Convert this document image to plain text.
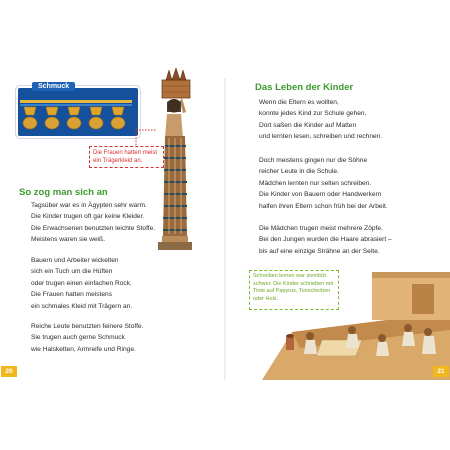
Schmuck
Die Frauen hatten meist ein Trägerkleid an.
So zog man sich an
Tagsüber war es in Ägypten sehr warm.
Die Kinder trugen oft gar keine Kleider.
Die Erwachsenen benutzten leichte Stoffe.
Meistens waren sie weiß.
Bauern und Arbeiter wickelten
sich ein Tuch um die Hüften
oder trugen einen einfachen Rock.
Die Frauen hatten meistens
ein schmales Kleid mit Trägern an.
Reiche Leute benutzten feinere Stoffe.
Sie trugen auch gerne Schmuck
wie Halsketten, Armreife und Ringe.
Das Leben der Kinder
Wenn die Eltern es wollten,
konnte jedes Kind zur Schule gehen.
Dort saßen die Kinder auf Matten
und lernten lesen, schreiben und rechnen.
Doch meistens gingen nur die Söhne
reicher Leute in die Schule.
Mädchen lernten nur selten schreiben.
Die Kinder von Bauern oder Handwerkern
halfen ihren Eltern schon früh bei der Arbeit.
Die Mädchen trugen meist mehrere Zöpfe.
Bei den Jungen wurden die Haare abrasiert –
bis auf eine einzige Strähne an der Seite.
Schreiben lernen war ziemlich schwer. Die Kinder schrieben mit Tinte auf Papyrus, Tonscherben oder Holz.
20	21
